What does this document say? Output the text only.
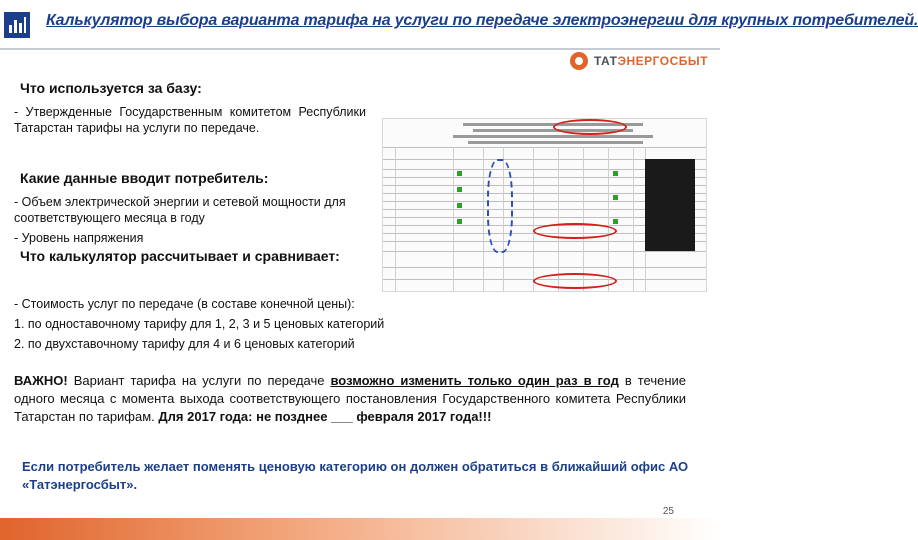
Калькулятор выбора варианта тарифа на услуги по передаче электроэнергии для крупных потребителей.
ТАТЭНЕРГОСБЫТ
Что используется за базу:
- Утвержденные Государственным комитетом Республики Татарстан тарифы на услуги по передаче.
Какие данные вводит потребитель:
- Объем электрической энергии и сетевой мощности для соответствующего месяца в году
- Уровень напряжения
Что калькулятор рассчитывает и сравнивает:
- Стоимость услуг по передаче (в составе конечной цены):
1. по одноставочному тарифу для 1, 2, 3 и 5 ценовых категорий
2. по двухставочному тарифу для 4 и 6 ценовых категорий
ВАЖНО! Вариант тарифа на услуги по передаче возможно изменить только один раз в год в течение одного месяца с момента выхода соответствующего постановления Государственного комитета Республики Татарстан по тарифам. Для 2017 года: не позднее ___ февраля 2017 года!!!
Если потребитель желает поменять ценовую категорию он должен обратиться в ближайший офис АО «Татэнергосбыт».
25
